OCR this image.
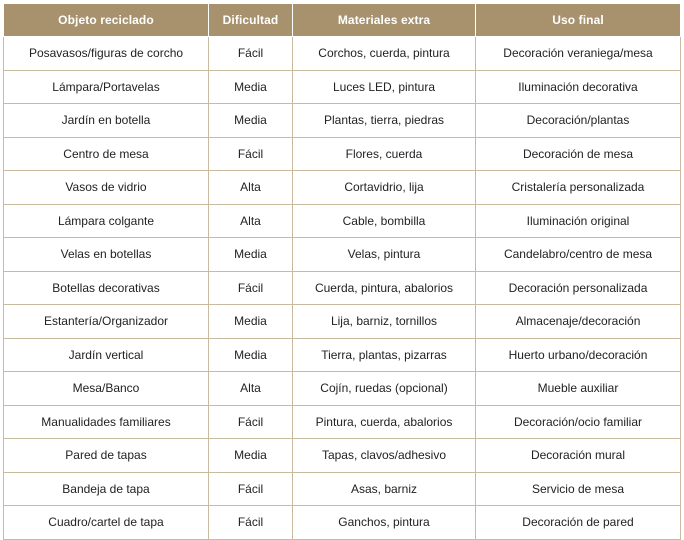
Objeto reciclado	Dificultad	Materiales extra	Uso final
Posavasos/figuras de corcho	Fácil	Corchos, cuerda, pintura	Decoración veraniega/mesa
Lámpara/Portavelas	Media	Luces LED, pintura	Iluminación decorativa
Jardín en botella	Media	Plantas, tierra, piedras	Decoración/plantas
Centro de mesa	Fácil	Flores, cuerda	Decoración de mesa
Vasos de vidrio	Alta	Cortavidrio, lija	Cristalería personalizada
Lámpara colgante	Alta	Cable, bombilla	Iluminación original
Velas en botellas	Media	Velas, pintura	Candelabro/centro de mesa
Botellas decorativas	Fácil	Cuerda, pintura, abalorios	Decoración personalizada
Estantería/Organizador	Media	Lija, barniz, tornillos	Almacenaje/decoración
Jardín vertical	Media	Tierra, plantas, pizarras	Huerto urbano/decoración
Mesa/Banco	Alta	Cojín, ruedas (opcional)	Mueble auxiliar
Manualidades familiares	Fácil	Pintura, cuerda, abalorios	Decoración/ocio familiar
Pared de tapas	Media	Tapas, clavos/adhesivo	Decoración mural
Bandeja de tapa	Fácil	Asas, barniz	Servicio de mesa
Cuadro/cartel de tapa	Fácil	Ganchos, pintura	Decoración de pared
